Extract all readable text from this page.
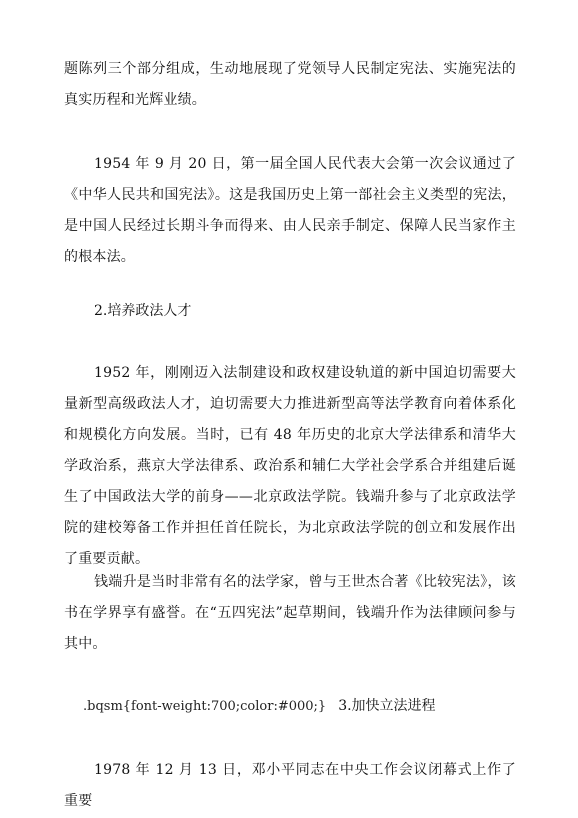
题陈列三个部分组成，生动地展现了党领导人民制定宪法、实施宪法的真实历程和光辉业绩。

1954 年 9 月 20 日，第一届全国人民代表大会第一次会议通过了《中华人民共和国宪法》。这是我国历史上第一部社会主义类型的宪法，是中国人民经过长期斗争而得来、由人民亲手制定、保障人民当家作主的根本法。

2.培养政法人才

1952 年，刚刚迈入法制建设和政权建设轨道的新中国迫切需要大量新型高级政法人才，迫切需要大力推进新型高等法学教育向着体系化和规模化方向发展。当时，已有 48 年历史的北京大学法律系和清华大学政治系，燕京大学法律系、政治系和辅仁大学社会学系合并组建后诞生了中国政法大学的前身——北京政法学院。钱端升参与了北京政法学院的建校筹备工作并担任首任院长，为北京政法学院的创立和发展作出了重要贡献。

钱端升是当时非常有名的法学家，曾与王世杰合著《比较宪法》，该书在学界享有盛誉。在“五四宪法”起草期间，钱端升作为法律顾问参与其中。

.bqsm{font-weight:700;color:#000;} 3.加快立法进程

1978 年 12 月 13 日，邓小平同志在中央工作会议闭幕式上作了重要
